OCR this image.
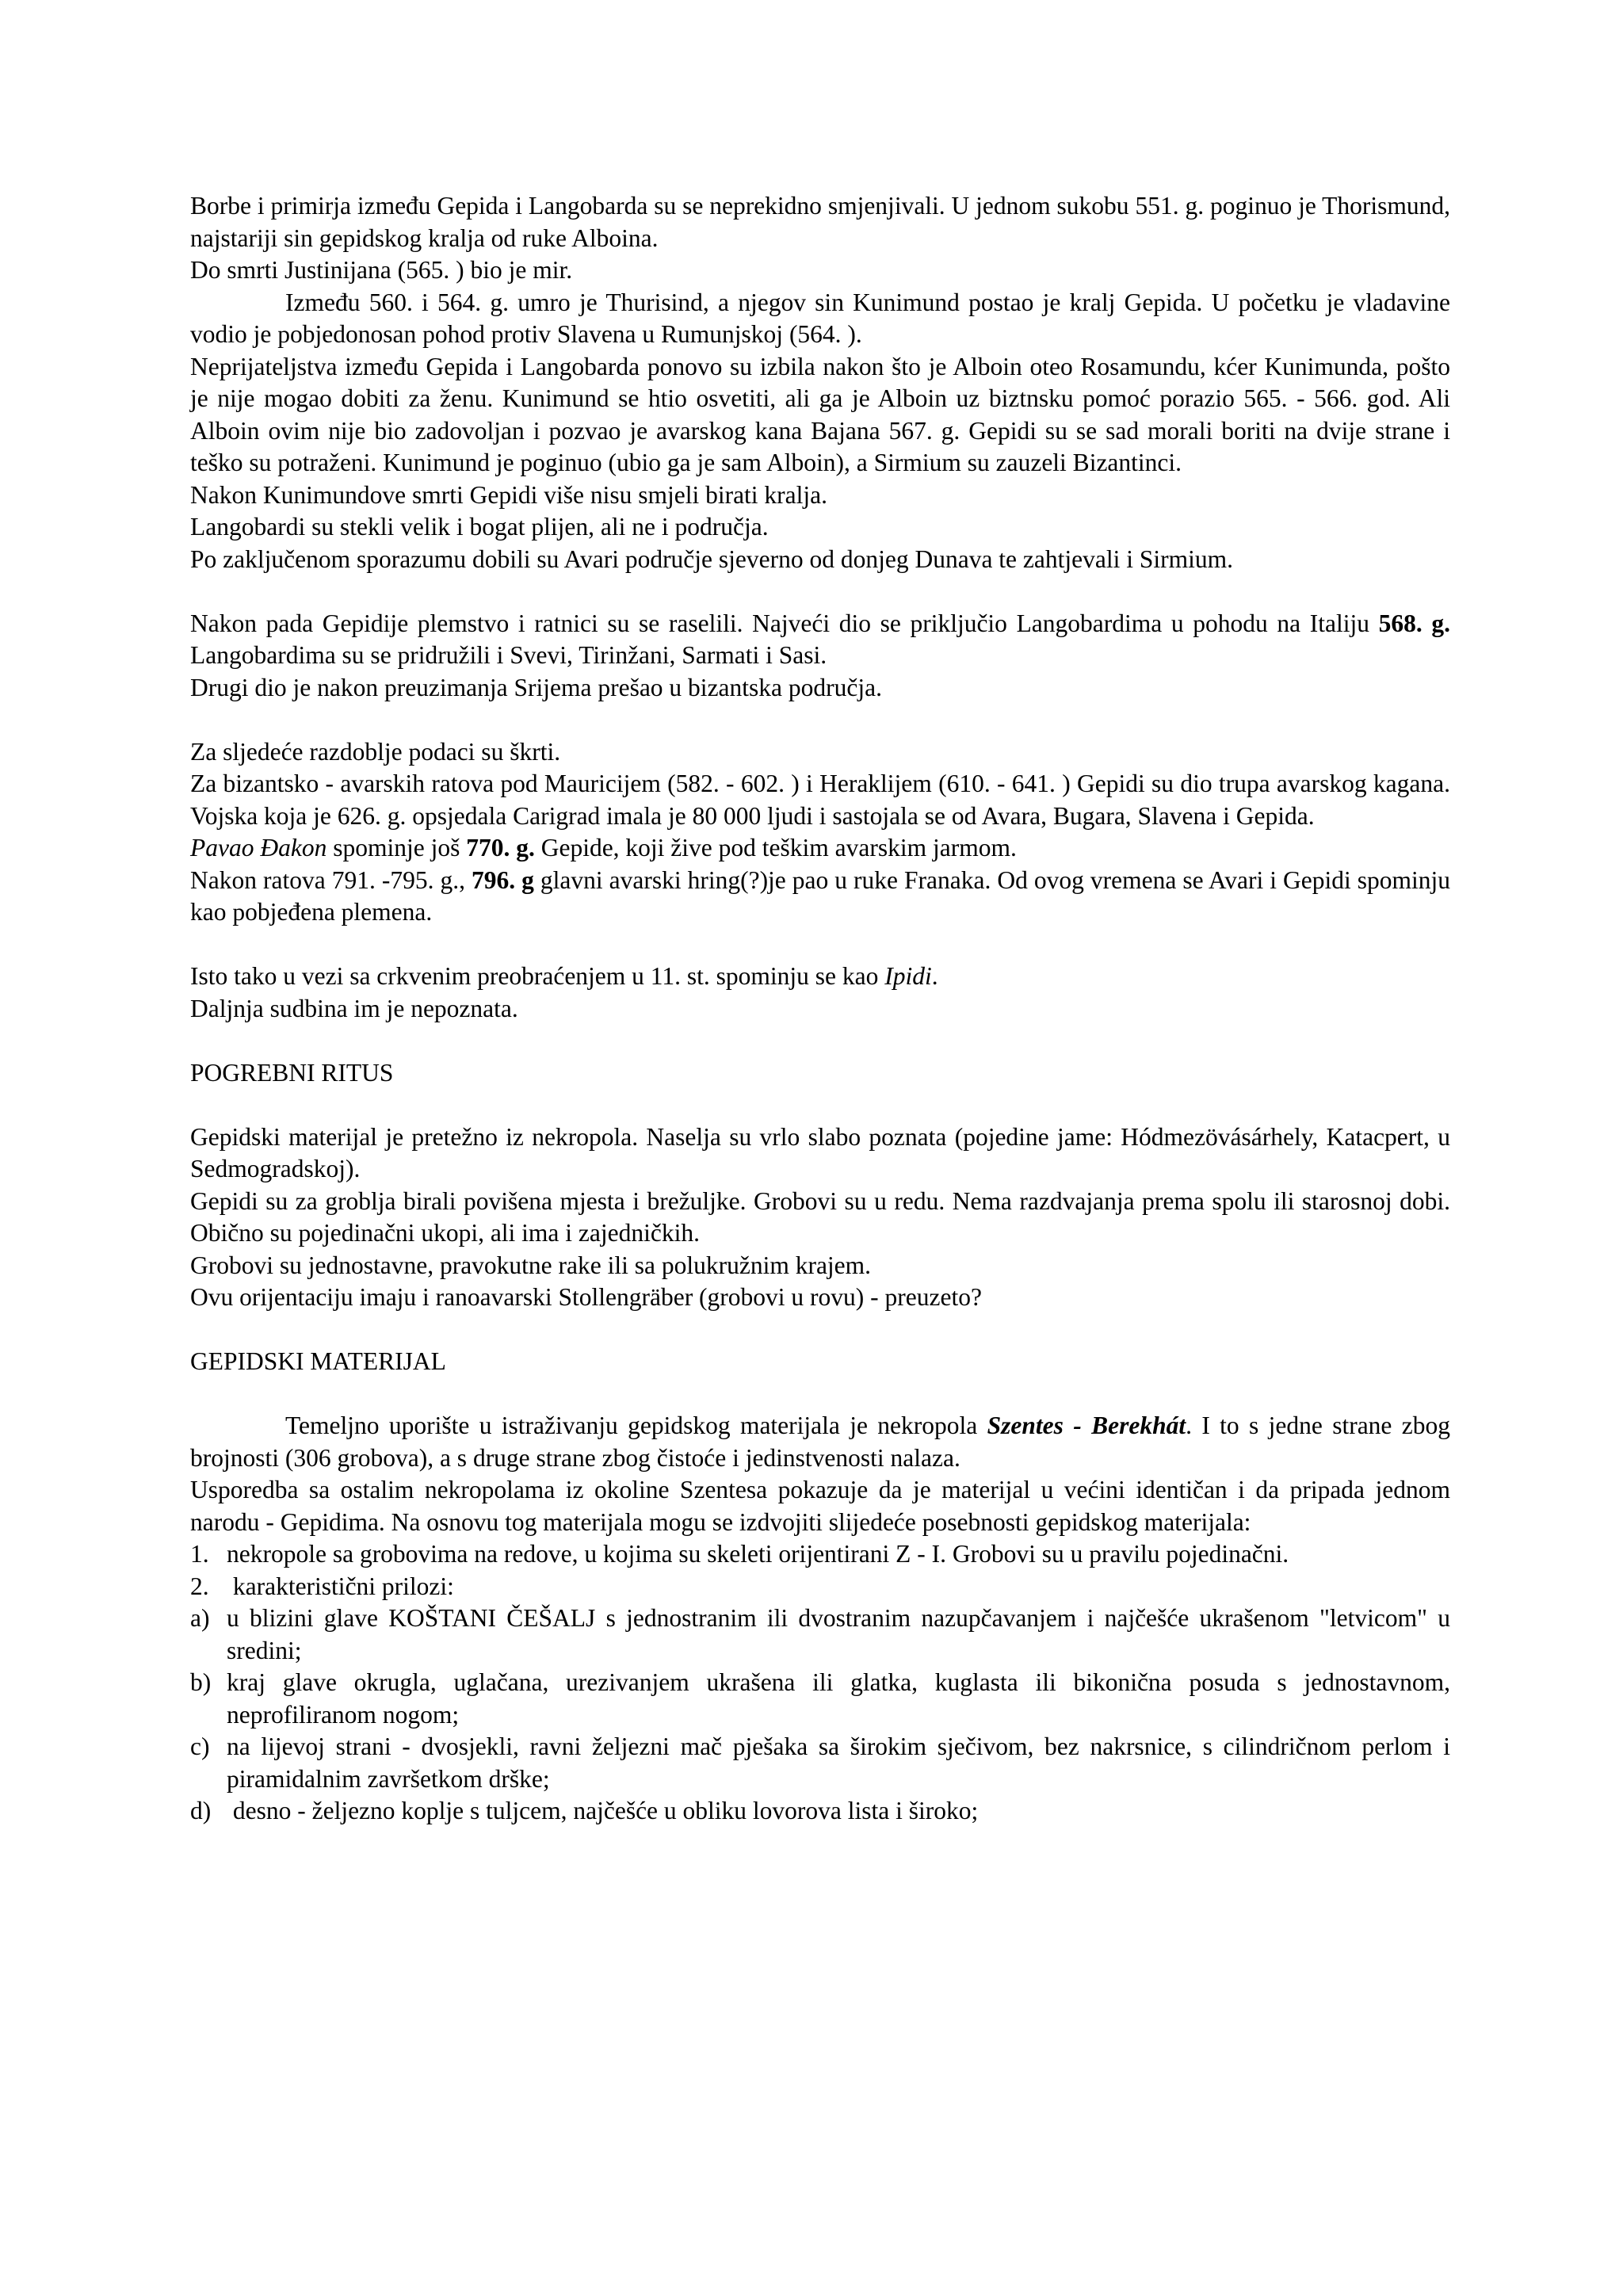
Borbe i primirja između Gepida i Langobarda su se neprekidno smjenjivali. U jednom sukobu 551. g. poginuo je Thorismund, najstariji sin gepidskog kralja od ruke Alboina.

Do smrti Justinijana (565. ) bio je mir.

Između 560. i 564. g. umro je Thurisind, a njegov sin Kunimund postao je kralj Gepida. U početku je vladavine vodio je pobjedonosan pohod protiv Slavena u Rumunjskoj (564. ).

Neprijateljstva između Gepida i Langobarda ponovo su izbila nakon što je Alboin oteo Rosamundu, kćer Kunimunda, pošto je nije mogao dobiti za ženu. Kunimund se htio osvetiti, ali ga je Alboin uz biztnsku pomoć porazio 565. - 566. god. Ali Alboin ovim nije bio zadovoljan i pozvao je avarskog kana Bajana 567. g. Gepidi su se sad morali boriti na dvije strane i teško su potraženi. Kunimund je poginuo (ubio ga je sam Alboin), a Sirmium su zauzeli Bizantinci.

Nakon Kunimundove smrti Gepidi više nisu smjeli birati kralja.

Langobardi su stekli velik i bogat plijen, ali ne i područja.

Po zaključenom sporazumu dobili su Avari područje sjeverno od donjeg Dunava te zahtjevali i Sirmium.

Nakon pada Gepidije plemstvo i ratnici su se raselili. Najveći dio se priključio Langobardima u pohodu na Italiju 568. g. Langobardima su se pridružili i Svevi, Tirinžani, Sarmati i Sasi.

Drugi dio je nakon preuzimanja Srijema prešao u bizantska područja.

Za sljedeće razdoblje podaci su škrti.

Za bizantsko - avarskih ratova pod Mauricijem (582. - 602. ) i Heraklijem (610. - 641. ) Gepidi su dio trupa avarskog kagana. Vojska koja je 626. g. opsjedala Carigrad imala je 80 000 ljudi i sastojala se od Avara, Bugara, Slavena i Gepida.

Pavao Đakon spominje još 770. g. Gepide, koji žive pod teškim avarskim jarmom.

Nakon ratova 791. -795. g., 796. g glavni avarski hring(?)je pao u ruke Franaka. Od ovog vremena se Avari i Gepidi spominju kao pobjeđena plemena.

Isto tako u vezi sa crkvenim preobraćenjem u 11. st. spominju se kao Ipidi.

Daljnja sudbina im je nepoznata.

POGREBNI RITUS

Gepidski materijal je pretežno iz nekropola. Naselja su vrlo slabo poznata (pojedine jame: Hódmezövásárhely, Katacpert, u Sedmogradskoj).

Gepidi su za groblja birali povišena mjesta i brežuljke. Grobovi su u redu. Nema razdvajanja prema spolu ili starosnoj dobi. Obično su pojedinačni ukopi, ali ima i zajedničkih.

Grobovi su jednostavne, pravokutne rake ili sa polukružnim krajem.

Ovu orijentaciju imaju i ranoavarski Stollengräber (grobovi u rovu) - preuzeto?

GEPIDSKI MATERIJAL

Temeljno uporište u istraživanju gepidskog materijala je nekropola Szentes - Berekhát. I to s jedne strane zbog brojnosti (306 grobova), a s druge strane zbog čistoće i jedinstvenosti nalaza.

Usporedba sa ostalim nekropolama iz okoline Szentesa pokazuje da je materijal u većini identičan i da pripada jednom narodu - Gepidima. Na osnovu tog materijala mogu se izdvojiti slijedeće posebnosti gepidskog materijala:

1. nekropole sa grobovima na redove, u kojima su skeleti orijentirani Z - I. Grobovi su u pravilu pojedinačni.

2. karakteristični prilozi:

a) u blizini glave KOŠTANI ČEŠALJ s jednostranim ili dvostranim nazupčavanjem i najčešće ukrašenom "letvicom" u sredini;

b) kraj glave okrugla, uglačana, urezivanjem ukrašena ili glatka, kuglasta ili bikonična posuda s jednostavnom, neprofiliranom nogom;

c) na lijevoj strani - dvosjekli, ravni željezni mač pješaka sa širokim sječivom, bez nakrsnice, s cilindričnom perlom i piramidalnim završetkom drške;

d) desno - željezno koplje s tuljcem, najčešće u obliku lovorova lista i široko;
